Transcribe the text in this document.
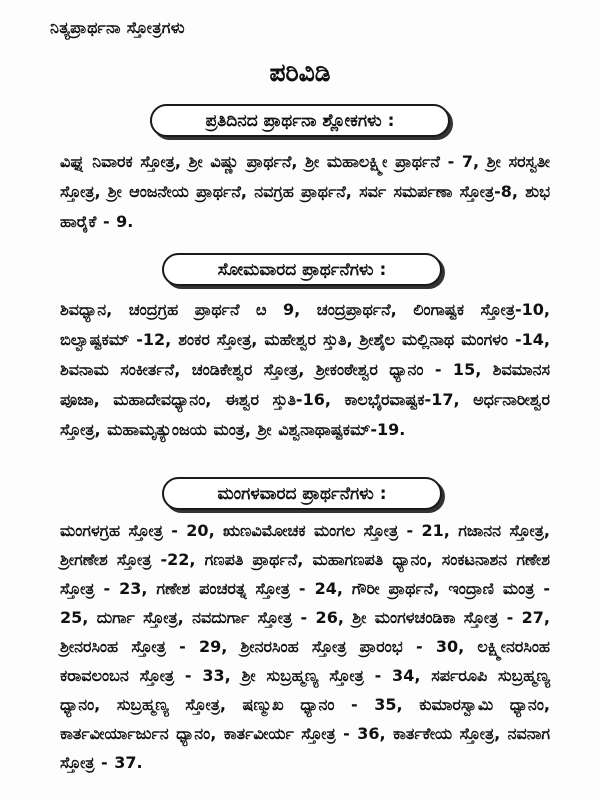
ನಿತ್ಯಪ್ರಾರ್ಥನಾ ಸ್ತೋತ್ರಗಳು
ಪರಿವಿಡಿ
ಪ್ರತಿದಿನದ ಪ್ರಾರ್ಥನಾ ಶ್ಲೋಕಗಳು :
ವಿಘ್ನ ನಿವಾರಕ ಸ್ತೋತ್ರ, ಶ್ರೀ ವಿಷ್ಣು ಪ್ರಾರ್ಥನೆ, ಶ್ರೀ ಮಹಾಲಕ್ಷ್ಮೀ ಪ್ರಾರ್ಥನೆ - 7, ಶ್ರೀ ಸರಸ್ವತೀ ಸ್ತೋತ್ರ, ಶ್ರೀ ಆಂಜನೇಯ ಪ್ರಾರ್ಥನೆ, ನವಗ್ರಹ ಪ್ರಾರ್ಥನೆ, ಸರ್ವ ಸಮರ್ಪಣಾ ಸ್ತೋತ್ರ-8, ಶುಭ ಹಾರೈಕೆ - 9.
ಸೋಮವಾರದ ಪ್ರಾರ್ಥನೆಗಳು :
ಶಿವಧ್ಯಾನ, ಚಂದ್ರಗ್ರಹ ಪ್ರಾರ್ಥನೆ ೞ 9, ಚಂದ್ರಪ್ರಾರ್ಥನೆ, ಲಿಂಗಾಷ್ಟಕ ಸ್ತೋತ್ರ-10, ಬಿಲ್ವಾಷ್ಟಕಮ್ -12, ಶಂಕರ ಸ್ತೋತ್ರ, ಮಹೇಶ್ವರ ಸ್ತುತಿ, ಶ್ರೀಶೈಲ ಮಲ್ಲಿನಾಥ ಮಂಗಳಂ -14, ಶಿವನಾಮ ಸಂಕೀರ್ತನೆ, ಚಂಡಿಕೇಶ್ವರ ಸ್ತೋತ್ರ, ಶ್ರೀಕಂಠೇಶ್ವರ ಧ್ಯಾನಂ - 15, ಶಿವಮಾನಸ ಪೂಜಾ, ಮಹಾದೇವಧ್ಯಾನಂ, ಈಶ್ವರ ಸ್ತುತಿ-16, ಕಾಲಭೈರವಾಷ್ಟಕ-17, ಅರ್ಧನಾರೀಶ್ವರ ಸ್ತೋತ್ರ, ಮಹಾಮೃತ್ಯುಂಜಯ ಮಂತ್ರ, ಶ್ರೀ ವಿಶ್ವನಾಥಾಷ್ಟಕಮ್-19.
ಮಂಗಳವಾರದ ಪ್ರಾರ್ಥನೆಗಳು :
ಮಂಗಳಗ್ರಹ ಸ್ತೋತ್ರ - 20, ಋಣವಿಮೋಚಕ ಮಂಗಲ ಸ್ತೋತ್ರ - 21, ಗಜಾನನ ಸ್ತೋತ್ರ, ಶ್ರೀಗಣೇಶ ಸ್ತೋತ್ರ -22, ಗಣಪತಿ ಪ್ರಾರ್ಥನೆ, ಮಹಾಗಣಪತಿ ಧ್ಯಾನಂ, ಸಂಕಟನಾಶನ ಗಣೇಶ ಸ್ತೋತ್ರ - 23, ಗಣೇಶ ಪಂಚರತ್ನ ಸ್ತೋತ್ರ - 24, ಗೌರೀ ಪ್ರಾರ್ಥನೆ, ಇಂದ್ರಾಣಿ ಮಂತ್ರ - 25, ದುರ್ಗಾ ಸ್ತೋತ್ರ, ನವದುರ್ಗಾ ಸ್ತೋತ್ರ - 26, ಶ್ರೀ ಮಂಗಳಚಂಡಿಕಾ ಸ್ತೋತ್ರ - 27, ಶ್ರೀನರಸಿಂಹ ಸ್ತೋತ್ರ - 29, ಶ್ರೀನರಸಿಂಹ ಸ್ತೋತ್ರ ಪ್ರಾರಂಭ - 30, ಲಕ್ಷ್ಮೀನರಸಿಂಹ ಕರಾವಲಂಬನ ಸ್ತೋತ್ರ - 33, ಶ್ರೀ ಸುಬ್ರಹ್ಮಣ್ಯ ಸ್ತೋತ್ರ - 34, ಸರ್ಪರೂಪಿ ಸುಬ್ರಹ್ಮಣ್ಯ ಧ್ಯಾನಂ, ಸುಬ್ರಹ್ಮಣ್ಯ ಸ್ತೋತ್ರ, ಷಣ್ಮುಖ ಧ್ಯಾನಂ - 35, ಕುಮಾರಸ್ವಾಮಿ ಧ್ಯಾನಂ, ಕಾರ್ತವೀರ್ಯಾರ್ಜುನ ಧ್ಯಾನಂ, ಕಾರ್ತವೀರ್ಯ ಸ್ತೋತ್ರ - 36, ಕಾರ್ತಕೇಯ ಸ್ತೋತ್ರ, ನವನಾಗ ಸ್ತೋತ್ರ - 37.
